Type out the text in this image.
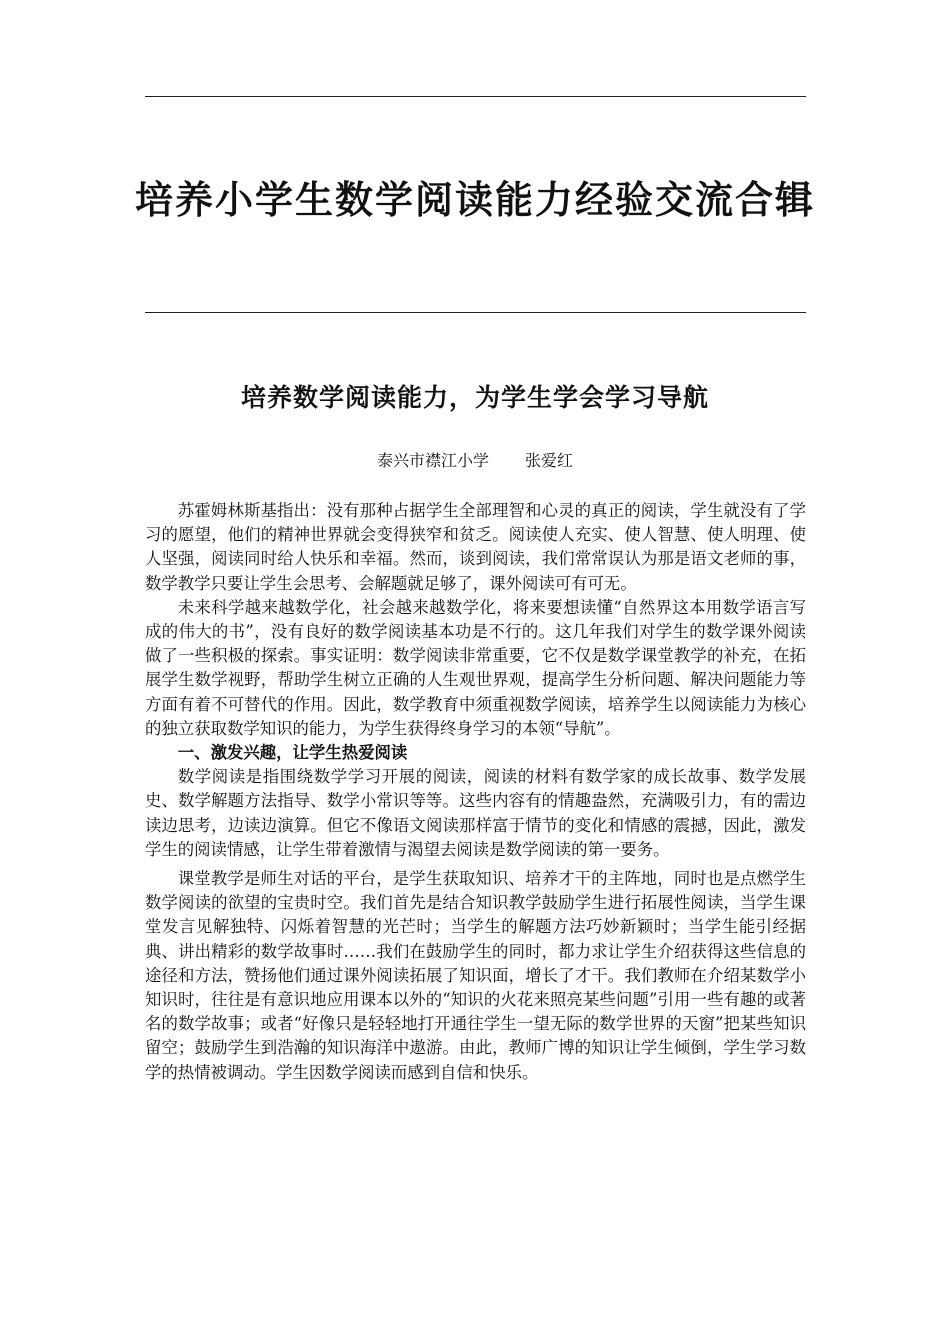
培养小学生数学阅读能力经验交流合辑
培养数学阅读能力，为学生学会学习导航
泰兴市襟江小学 张爱红

苏霍姆林斯基指出：没有那种占据学生全部理智和心灵的真正的阅读，学生就没有了学习的愿望，他们的精神世界就会变得狭窄和贫乏。阅读使人充实、使人智慧、使人明理、使人坚强，阅读同时给人快乐和幸福。然而，谈到阅读，我们常常误认为那是语文老师的事，数学教学只要让学生会思考、会解题就足够了，课外阅读可有可无。

未来科学越来越数学化，社会越来越数学化，将来要想读懂“自然界这本用数学语言写成的伟大的书”，没有良好的数学阅读基本功是不行的。这几年我们对学生的数学课外阅读做了一些积极的探索。事实证明：数学阅读非常重要，它不仅是数学课堂教学的补充，在拓展学生数学视野，帮助学生树立正确的人生观世界观，提高学生分析问题、解决问题能力等方面有着不可替代的作用。因此，数学教育中须重视数学阅读，培养学生以阅读能力为核心的独立获取数学知识的能力，为学生获得终身学习的本领“导航”。

一、激发兴趣，让学生热爱阅读

数学阅读是指围绕数学学习开展的阅读，阅读的材料有数学家的成长故事、数学发展史、数学解题方法指导、数学小常识等等。这些内容有的情趣盎然，充满吸引力，有的需边读边思考，边读边演算。但它不像语文阅读那样富于情节的变化和情感的震撼，因此，激发学生的阅读情感，让学生带着激情与渴望去阅读是数学阅读的第一要务。

课堂教学是师生对话的平台，是学生获取知识、培养才干的主阵地，同时也是点燃学生数学阅读的欲望的宝贵时空。我们首先是结合知识教学鼓励学生进行拓展性阅读，当学生课堂发言见解独特、闪烁着智慧的光芒时；当学生的解题方法巧妙新颖时；当学生能引经据典、讲出精彩的数学故事时……我们在鼓励学生的同时，都力求让学生介绍获得这些信息的途径和方法，赞扬他们通过课外阅读拓展了知识面，增长了才干。我们教师在介绍某数学小知识时，往往是有意识地应用课本以外的“知识的火花来照亮某些问题”引用一些有趣的或著名的数学故事；或者“好像只是轻轻地打开通往学生一望无际的数学世界的天窗”把某些知识留空；鼓励学生到浩瀚的知识海洋中遨游。由此，教师广博的知识让学生倾倒，学生学习数学的热情被调动。学生因数学阅读而感到自信和快乐。
